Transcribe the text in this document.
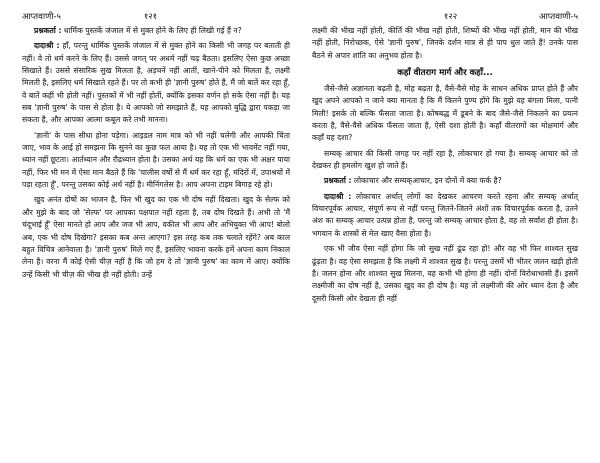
आप्तवाणी-५	१२१

प्रश्नकर्ता : धार्मिक पुस्तकें जंजाल में से मुक्त होने के लिए ही लिखी गई हैं न?

दादाश्री : हाँ, परन्तु धार्मिक पुस्तकें जंजाल में से मुक्त होने का किसी भी जगह पर बताती ही नहीं। वे तो धर्म करने के लिए हैं। उससे जगत् पर अधर्म नहीं चढ़ बैठता। इसलिए ऐसा कुछ अच्छा सिखाते हैं। उससे संसारिक सुख मिलता है, अड़चनें नहीं आतीं, खाने-पीने को मिलता है, लक्ष्मी मिलती है, इसलिए धर्म सिखाते रहते हैं। पर तो कभी ही 'ज्ञानी पुरुष' होते हैं, मैं जो बातें कर रहा हूँ, वे बातें कहीं भी होती नहीं। पुस्तकों में भी नहीं होतीं, क्योंकि इसका वर्णन हो सके ऐसा नहीं है। यह सब 'ज्ञानी पुरुष' के पास से होता है। ये आपको जो समझाते हैं, यह आपको बुद्धि द्वारा पकड़ा जा सकता है, और आपका आत्मा कबूल करे तभी मानना।

'ज्ञानी' के पास सीधा होना पड़ेगा। आइडल नाम मात्र को भी नहीं चलेगी और आपकी चिंता जाए, भाव के आई हो समझना कि सुनने का कुछ फल आया है। यह तो एक भी भावमेंट नहीं गया, ध्यान नहीं छूटता। आर्तध्यान और रौद्रध्यान होता है। उसका अर्थ यह कि धर्म का एक भी अक्षर पाया नहीं, फिर भी मन में ऐसा मान बैठते हैं कि 'चालीस वर्षों से मैं धर्म कर रहा हूँ, मंदिरों में, उपाश्रयों में पड़ा रहता हूँ', परन्तु उसका कोई अर्थ नहीं है। मीनिंगलेस है। आप अपना टाइम बिगाड़ रहे हो।

खुद अनंत दोषों का भाजन है, फिर भी खुद का एक भी दोष नहीं दिखता। खुद के सेल्फ को और मुझे के बाद जो 'सेल्फ' पर आपका पक्षपात नहीं रहता है, तब दोष दिखते हैं। अभी तो 'मैं चंदूभाई हूँ' ऐसा मानते हो आप और जज भी आप, वकील भी आप और अभियुक्त भी आप! बोलो अब, एक भी दोष दिखेगा? इसका कब अन्त आएगा? इस तरह कब तक चलाते रहेंगे? अब काल बहुत विचित्र आनेवाला है। 'ज्ञानी पुरुष' मिले गए हैं, इसलिए भावना करके हमें अपना काम निकाल लेना है। वरना मैं कोई ऐसी चीज़ नहीं है कि जो हम दे तो 'ज्ञानी पुरुष' का काम में आए। क्योंकि उन्हें किसी भी चीज़ की भीख ही नहीं होती। उन्हें

१२२	आप्तवाणी-५

लक्ष्मी की भीख नहीं होती, कीर्ति की भीख नहीं होती, शिष्यों की भीख नहीं होती, मान की भीख नहीं होती, निरोच्छक, ऐसे 'ज्ञानी पुरुष', जिनके दर्शन मात्र से ही पाप धुल जाते हैं! उनके पास बैठने से अपार शांति का अनुभव होता है।

कहाँ वीतराग मार्ग और कहाँ...

जैसे-जैसे अज्ञानता बढ़ती है, मोह बढ़ता है, वैसे-वैसे मोह के साधन अधिक प्राप्त होते हैं और खुद अपने आपको न जाने क्या मानता है कि मैं कितने पुण्य होंगे कि मुझे यह बंगला मिला, पत्नी मिली! इसके तो बल्कि फँसता जाता है। कोषबद्ध में डूबने के बाद जैसे-जैसे निकलने का प्रयत्न करता है, वैसे-वैसे अधिक फँसता जाता है, ऐसी दशा होती है। कहाँ वीतरागों का मोक्षमार्ग और कहाँ यह दशा?

सम्यक् आचार की किसी जगह पर नहीं रहा है, लोकाचार हो गया है। सम्यक् आचार को तो देखकर ही हमलोग खुश हो जाते हैं।

प्रश्नकर्ता : लोकाचार और सम्यक्आचार, इन दोनों में क्या फर्क है?

दादाश्री : लोकाचार अर्थात् लोगों का देखकर आचरण करते रहना और सम्यक् अर्थात् विचारपूर्वक आचार, संपूर्ण रूप से नहीं परन्तु जितने-जितने अंशों तक विचारपूर्वक करता है, उतने अंश का सम्यक् आचार उत्पन्न होता है, परन्तु जो सम्यक् आचार होता है, वह तो सर्वांश ही होता है। भगवान के शास्त्रों से मेल खाए वैसा होता है।

एक भी जीव ऐसा नहीं होगा कि जो सुख नहीं ढूंढ रहा हो! और वह भी फिर शाश्वत सुख ढूंढ़ता है। वह ऐसा समझता है कि लक्ष्मी में शाश्वत सुख है। परन्तु उसमें भी भीतर जलन खड़ी होती है। जलन होना और शाश्वत सुख मिलना, यह कभी भी होगा ही नहीं। दोनों विरोधाभासी हैं। इसमें लक्ष्मीजी का दोष नहीं है, उसका खुद का ही दोष है। यह तो लक्ष्मीजी की ओर ध्यान देता है और दूसरी किसी ओर देखता ही नहीं
